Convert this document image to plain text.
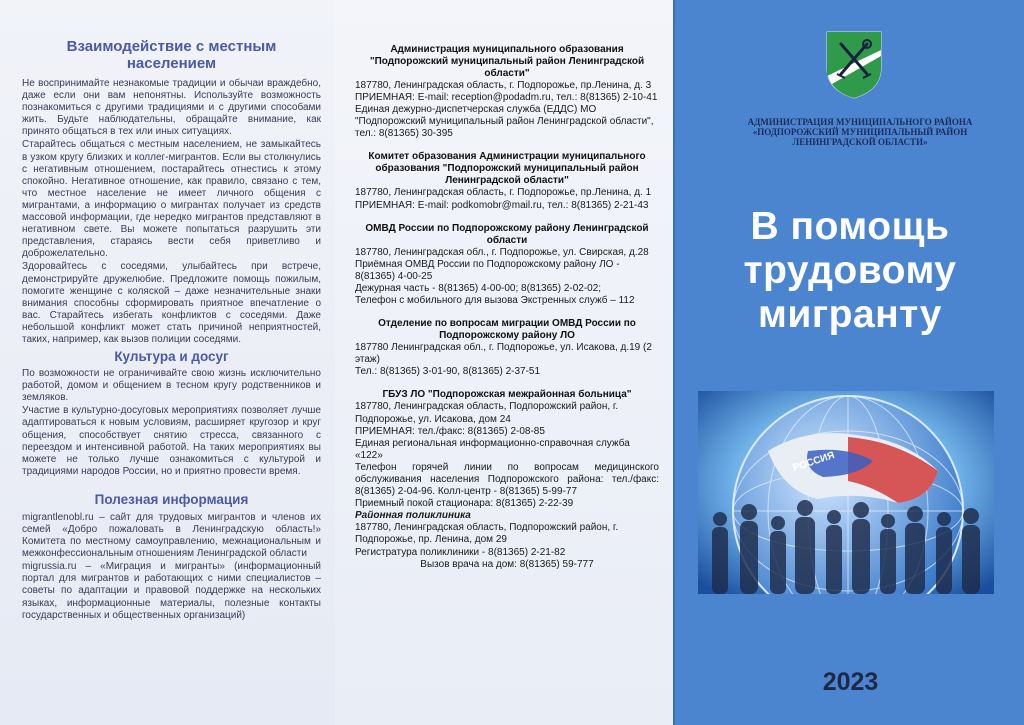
Взаимодействие с местным населением

Не воспринимайте незнакомые традиции и обычаи враждебно, даже если они вам непонятны. Используйте возможность познакомиться с другими традициями и с другими способами жить. Будьте наблюдательны, обращайте внимание, как принято общаться в тех или иных ситуациях.

Старайтесь общаться с местным населением, не замыкайтесь в узком кругу близких и коллег-мигрантов. Если вы столкнулись с негативным отношением, постарайтесь отнестись к этому спокойно. Негативное отношение, как правило, связано с тем, что местное население не имеет личного общения с мигрантами, а информацию о мигрантах получает из средств массовой информации, где нередко мигрантов представляют в негативном свете. Вы можете попытаться разрушить эти представления, стараясь вести себя приветливо и доброжелательно.

Здоровайтесь с соседями, улыбайтесь при встрече, демонстрируйте дружелюбие. Предложите помощь пожилым, помогите женщине с коляской – даже незначительные знаки внимания способны сформировать приятное впечатление о вас. Старайтесь избегать конфликтов с соседями. Даже небольшой конфликт может стать причиной неприятностей, таких, например, как вызов полиции соседями.

Культура и досуг

По возможности не ограничивайте свою жизнь исключительно работой, домом и общением в тесном кругу родственников и земляков.

Участие в культурно-досуговых мероприятиях позволяет лучше адаптироваться к новым условиям, расширяет кругозор и круг общения, способствует снятию стресса, связанного с переездом и интенсивной работой. На таких мероприятиях вы можете не только лучше ознакомиться с культурой и традициями народов России, но и приятно провести время.

Полезная информация

migrantlenobl.ru – сайт для трудовых мигрантов и членов их семей «Добро пожаловать в Ленинградскую область!» Комитета по местному самоуправлению, межнациональным и межконфессиональным отношениям Ленинградской области

migrussia.ru – «Миграция и мигранты» (информационный портал для мигрантов и работающих с ними специалистов – советы по адаптации и правовой поддержке на нескольких языках, информационные материалы, полезные контакты государственных и общественных организаций)

Администрация муниципального образования "Подпорожский муниципальный район Ленинградской области"
187780, Ленинградская область, г. Подпорожье, пр.Ленина, д. 3
ПРИЕМНАЯ: E-mail: reception@podadm.ru, тел.: 8(81365) 2-10-41
Единая дежурно-диспетчерская служба (ЕДДС) МО "Подпорожский муниципальный район Ленинградской области", тел.: 8(81365) 30-395
Комитет образования Администрации муниципального образования "Подпорожский муниципальный район Ленинградской области"
187780, Ленинградская область, г. Подпорожье, пр.Ленина, д. 1
ПРИЕМНАЯ: E-mail: podkomobr@mail.ru, тел.: 8(81365) 2-21-43
ОМВД России по Подпорожскому району Ленинградской области
187780, Ленинградская обл., г. Подпорожье, ул. Свирская, д.28
Приёмная ОМВД России по Подпорожскому району ЛО - 8(81365) 4-00-25
Дежурная часть - 8(81365) 4-00-00; 8(81365) 2-02-02;
Телефон с мобильного для вызова Экстренных служб – 112
Отделение по вопросам миграции ОМВД России по Подпорожскому району ЛО
187780 Ленинградская обл., г. Подпорожье, ул. Исакова, д.19 (2 этаж)
Тел.: 8(81365) 3-01-90, 8(81365) 2-37-51
ГБУЗ ЛО "Подпорожская межрайонная больница"
187780, Ленинградская область, Подпорожский район, г. Подпорожье, ул. Исакова, дом 24
ПРИЕМНАЯ: тел./факс: 8(81365) 2-08-85
Единая региональная информационно-справочная служба «122»
Телефон горячей линии по вопросам медицинского обслуживания населения Подпорожского района: тел./факс: 8(81365) 2-04-96. Колл-центр - 8(81365) 5-99-77
Приемный покой стационара: 8(81365) 2-22-39
Районная поликлиника
187780, Ленинградская область, Подпорожский район, г. Подпорожье, пр. Ленина, дом 29
Регистратура поликлиники - 8(81365) 2-21-82
Вызов врача на дом: 8(81365) 59-777
АДМИНИСТРАЦИЯ МУНИЦИПАЛЬНОГО РАЙОНА
«ПОДПОРОЖСКИЙ МУНИЦИПАЛЬНЫЙ РАЙОН
ЛЕНИНГРАДСКОЙ ОБЛАСТИ»
В помощь
трудовому
мигранту
РОССИЯ
2023
